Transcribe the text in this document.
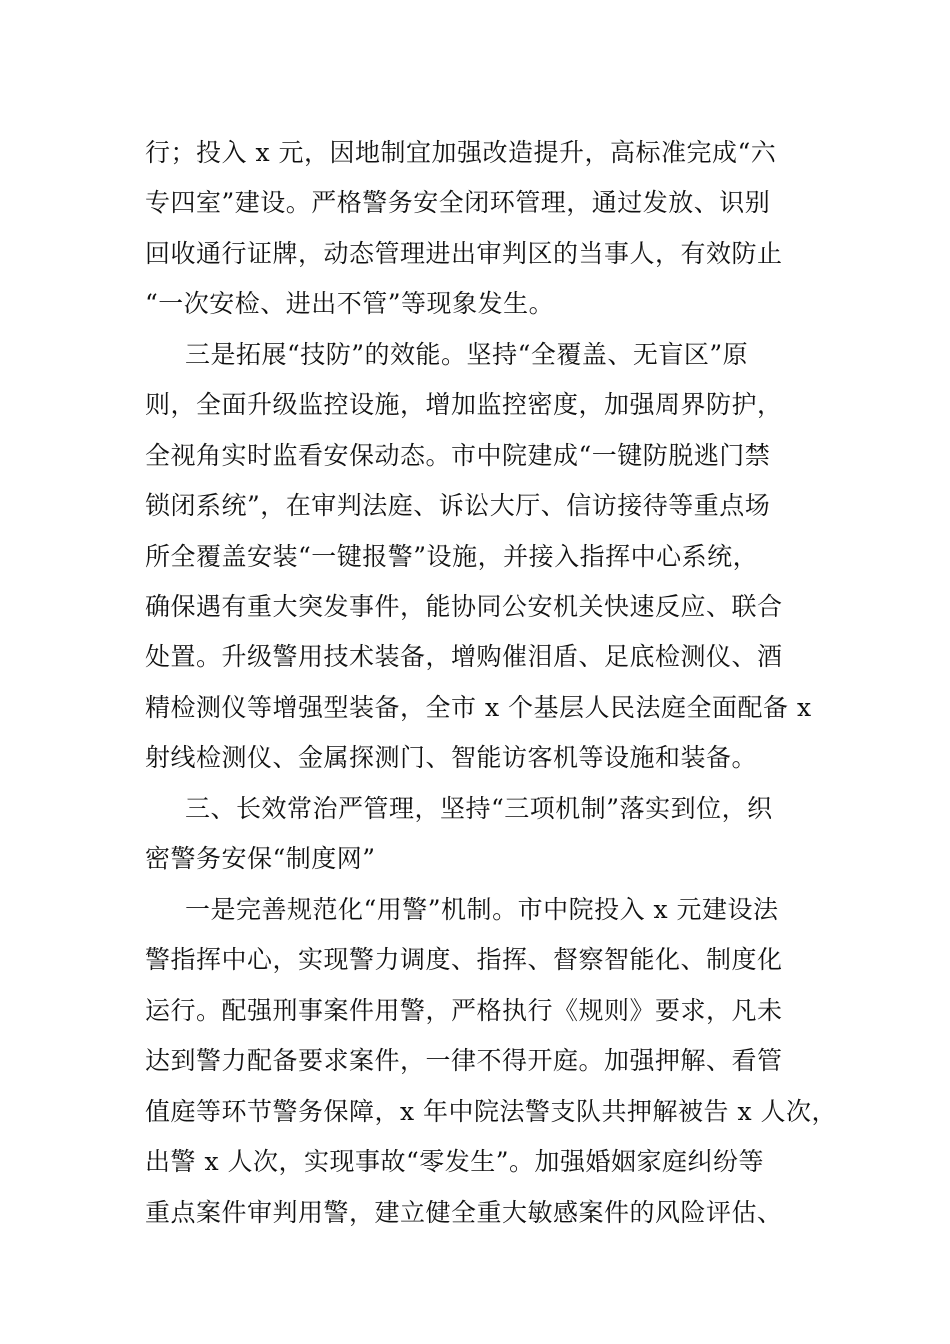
行；投入 x 元，因地制宜加强改造提升，高标准完成“六
专四室”建设。严格警务安全闭环管理，通过发放、识别
回收通行证牌，动态管理进出审判区的当事人，有效防止
“一次安检、进出不管”等现象发生。
三是拓展“技防”的效能。坚持“全覆盖、无盲区”原
则，全面升级监控设施，增加监控密度，加强周界防护，
全视角实时监看安保动态。市中院建成“一键防脱逃门禁
锁闭系统”，在审判法庭、诉讼大厅、信访接待等重点场
所全覆盖安装“一键报警”设施，并接入指挥中心系统，
确保遇有重大突发事件，能协同公安机关快速反应、联合
处置。升级警用技术装备，增购催泪盾、足底检测仪、酒
精检测仪等增强型装备，全市 x 个基层人民法庭全面配备 x
射线检测仪、金属探测门、智能访客机等设施和装备。
三、长效常治严管理，坚持“三项机制”落实到位，织
密警务安保“制度网”
一是完善规范化“用警”机制。市中院投入 x 元建设法
警指挥中心，实现警力调度、指挥、督察智能化、制度化
运行。配强刑事案件用警，严格执行《规则》要求，凡未
达到警力配备要求案件，一律不得开庭。加强押解、看管
值庭等环节警务保障，x 年中院法警支队共押解被告 x 人次，
出警 x 人次，实现事故“零发生”。加强婚姻家庭纠纷等
重点案件审判用警，建立健全重大敏感案件的风险评估、
